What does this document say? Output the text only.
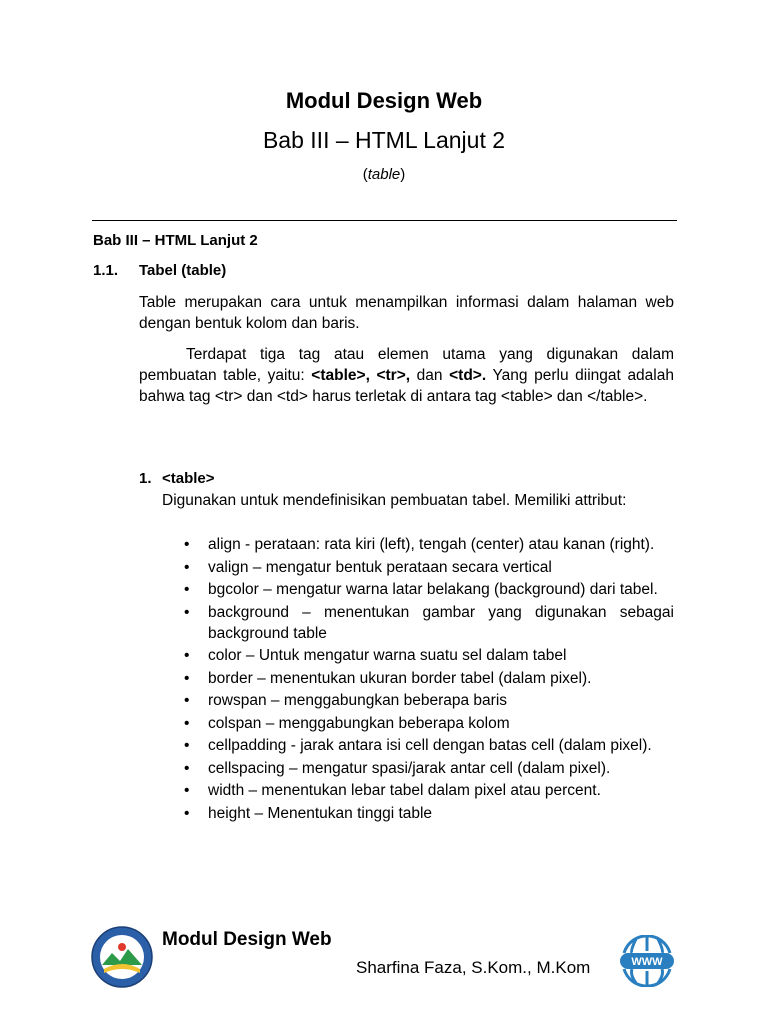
Modul Design Web
Bab III – HTML Lanjut 2
(table)
Bab III – HTML Lanjut 2
1.1. Tabel (table)
Table merupakan cara untuk menampilkan informasi dalam halaman web dengan bentuk kolom dan baris.
Terdapat tiga tag atau elemen utama yang digunakan dalam pembuatan table, yaitu: <table>, <tr>, dan <td>. Yang perlu diingat adalah bahwa tag <tr> dan <td> harus terletak di antara tag <table> dan </table>.
1. <table>
Digunakan untuk mendefinisikan pembuatan tabel. Memiliki attribut:
• align - perataan: rata kiri (left), tengah (center) atau kanan (right).
• valign – mengatur bentuk perataan secara vertical
• bgcolor – mengatur warna latar belakang (background) dari tabel.
• background – menentukan gambar yang digunakan sebagai background table
• color – Untuk mengatur warna suatu sel dalam tabel
• border – menentukan ukuran border tabel (dalam pixel).
• rowspan – menggabungkan beberapa baris
• colspan – menggabungkan beberapa kolom
• cellpadding - jarak antara isi cell dengan batas cell (dalam pixel).
• cellspacing – mengatur spasi/jarak antar cell (dalam pixel).
• width – menentukan lebar tabel dalam pixel atau percent.
• height – Menentukan tinggi table
Modul Design Web
Sharfina Faza, S.Kom., M.Kom	WWW
